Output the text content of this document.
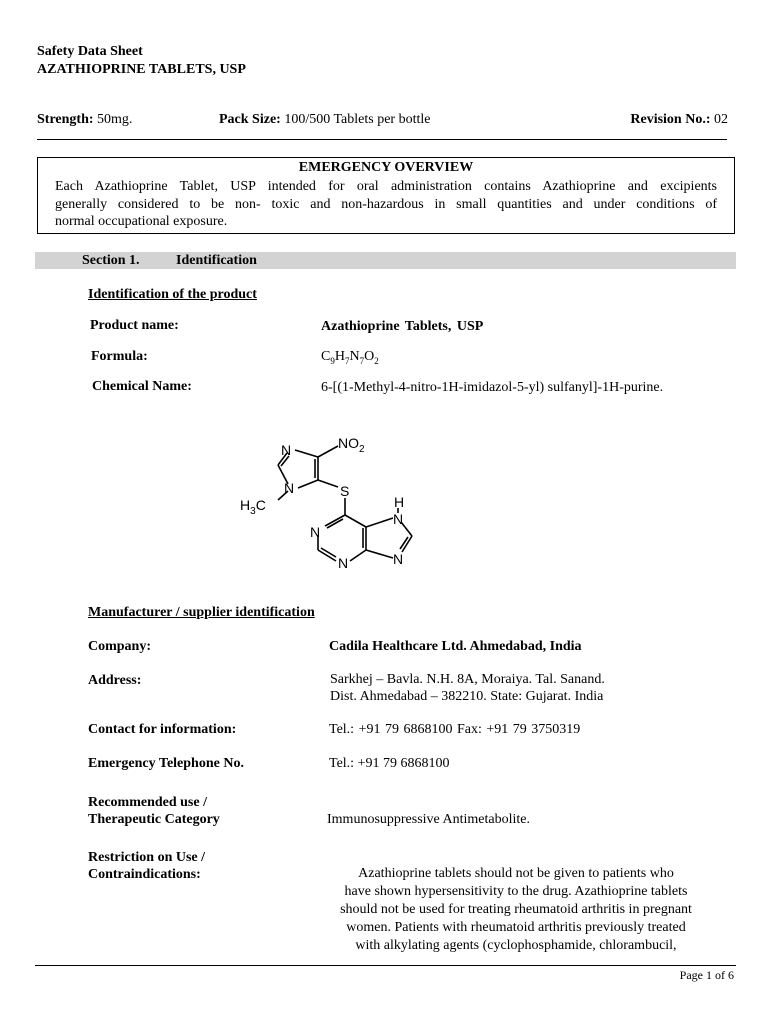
Safety Data Sheet
AZATHIOPRINE TABLETS, USP
Strength: 50mg.	Pack Size: 100/500 Tablets per bottle	Revision No.: 02
EMERGENCY OVERVIEW
Each Azathioprine Tablet, USP intended for oral administration contains Azathioprine and excipients
generally considered to be non- toxic and non-hazardous in small quantities and under conditions of
normal occupational exposure.
Section 1.	Identification
Identification of the product
Product name:	Azathioprine Tablets, USP
Formula:	$C_9H_7N_7O_2$
Chemical Name:	6-[(1-Methyl-4-nitro-1H-imidazol-5-yl) sulfanyl]-1H-purine.
N	$NO_2$
N
$H_3C$
S
H
N
N
N	N
Manufacturer / supplier identification
Company:	Cadila Healthcare Ltd. Ahmedabad, India
Address:	Sarkhej – Bavla. N.H. 8A, Moraiya. Tal. Sanand.
Dist. Ahmedabad – 382210. State: Gujarat. India
Contact for information:	Tel.: +91 79 6868100 Fax: +91 79 3750319
Emergency Telephone No.	Tel.: +91 79 6868100
Recommended use /
Therapeutic Category	Immunosuppressive Antimetabolite.
Restriction on Use /
Contraindications:	Azathioprine tablets should not be given to patients who
have shown hypersensitivity to the drug. Azathioprine tablets
should not be used for treating rheumatoid arthritis in pregnant
women. Patients with rheumatoid arthritis previously treated
with alkylating agents (cyclophosphamide, chlorambucil,
Page 1 of 6
